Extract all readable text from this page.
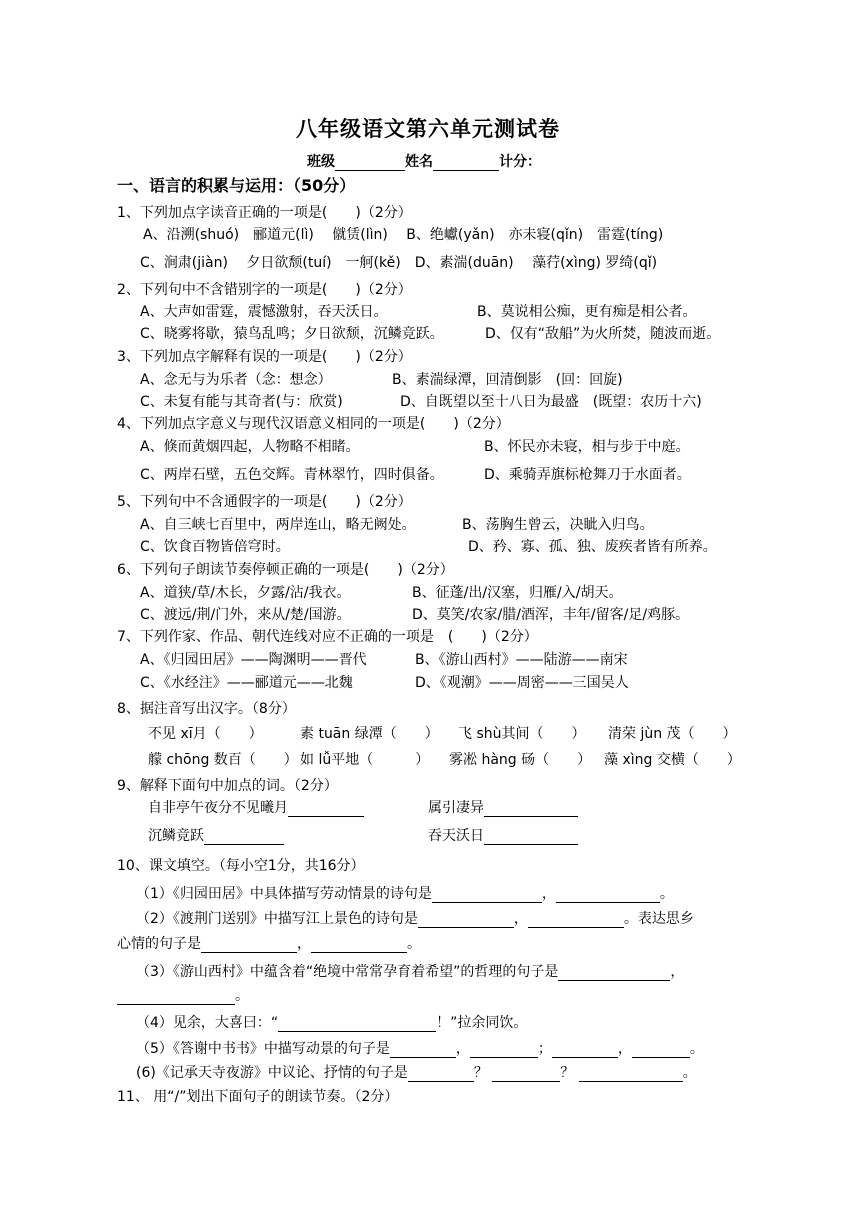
八年级语文第六单元测试卷
班级	姓名	计分：
一、语言的积累与运用：（50分）
1、下列加点字读音正确的一项是(　　)（2分）
A、沿溯(shuó)　郦道元(lì)　 僦赁(lìn)　 B、绝巘(yǎn)　亦未寝(qǐn)　雷霆(tíng)
C、涧肃(jiàn)　 夕日欲颓(tuí)　一舸(kě)　D、素湍(duān)　 藻荇(xìng) 罗绮(qǐ)
2、下列句中不含错别字的一项是(　　)（2分）
A、大声如雷霆，震憾激射，吞天沃日。	B、莫说相公痴，更有痴是相公者。
C、晓雾将歇，猿鸟乱鸣；夕日欲颓，沉鳞竞跃。	D、仅有“敌船”为火所焚，随波而逝。
3、下列加点字解释有误的一项是(　　)（2分）
A、念无与为乐者（念：想念）	B、素湍绿潭，回清倒影　(回：回旋)
C、未复有能与其奇者(与：欣赏)	D、自既望以至十八日为最盛　(既望：农历十六)
4、下列加点字意义与现代汉语意义相同的一项是(　　)（2分）
A、倏而黄烟四起，人物略不相睹。	B、怀民亦未寝，相与步于中庭。
C、两岸石壁，五色交辉。青林翠竹，四时俱备。	D、乘骑弄旗标枪舞刀于水面者。
5、下列句中不含通假字的一项是(　　)（2分）
A、自三峡七百里中，两岸连山，略无阙处。	B、荡胸生曾云，决眦入归鸟。
C、饮食百物皆倍穹时。	D、矜、寡、孤、独、废疾者皆有所养。
6、下列句子朗读节奏停顿正确的一项是(　　)（2分）
A、道狭/草/木长，夕露/沾/我衣。	B、征蓬/出/汉塞，归雁/入/胡天。
C、渡远/荆/门外，来从/楚/国游。	D、莫笑/农家/腊/酒浑，丰年/留客/足/鸡豚。
7、下列作家、作品、朝代连线对应不正确的一项是　(　　)（2分）
A、《归园田居》——陶渊明——晋代	B、《游山西村》——陆游——南宋
C、《水经注》——郦道元——北魏	D、《观潮》——周密——三国吴人
8、据注音写出汉字。（8分）
不见 xī月（　　）	素 tuān 绿潭（　　） 飞 shù其间（　　） 清荣 jùn 茂（　　）
艨 chōng 数百（　　） 如 lǚ平地（　　　） 雾凇 hàng 砀（　　） 藻 xìng 交横（　　）
9、解释下面句中加点的词。（2分）
自非亭午夜分不见曦月	属引凄异
沉鳞竞跃	吞天沃日
10、课文填空。（每小空1分，共16分）
（1）《归园田居》中具体描写劳动情景的诗句是	，	。
（2）《渡荆门送别》中描写江上景色的诗句是	，	。表达思乡
心情的句子是	，	。
（3）《游山西村》中蕴含着“绝境中常常孕育着希望”的哲理的句子是	，
。
（4）见余，大喜曰：“	！”拉余同饮。
（5）《答谢中书书》中描写动景的句子是	，	；	，	。
(6)《记承天寺夜游》中议论、抒情的句子是	？	？	。
11、 用“/”划出下面句子的朗读节奏。（2分）
